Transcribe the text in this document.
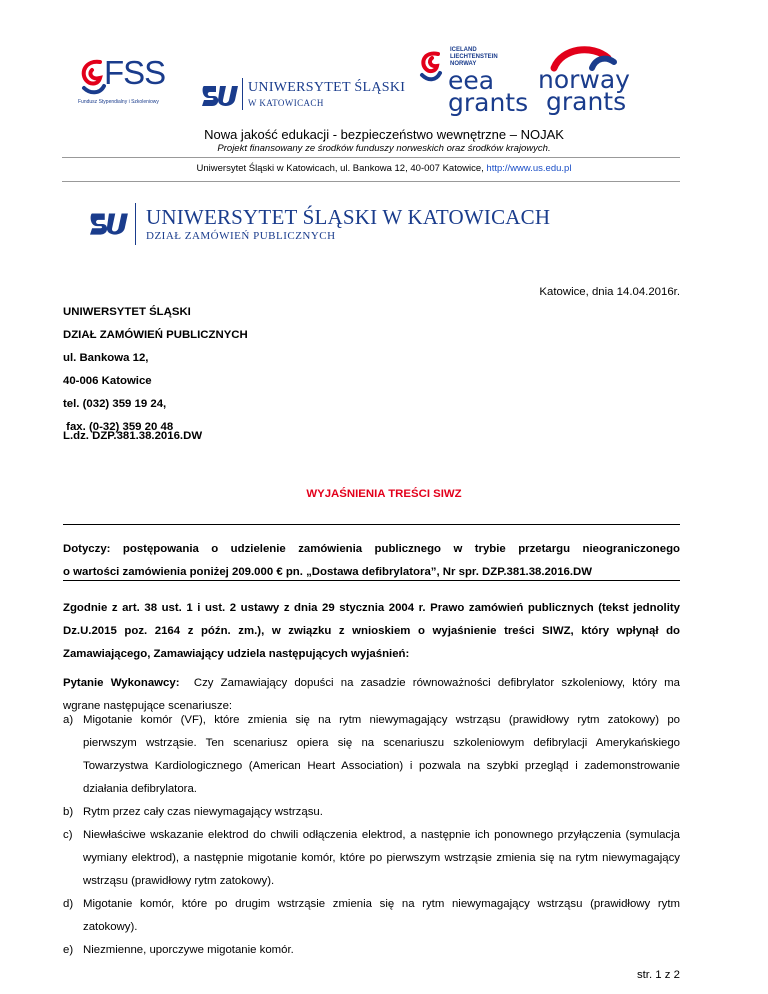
FSS
Fundusz Stypendialny i Szkoleniowy
UNIWERSYTET ŚLĄSKI
W KATOWICACH
ICELAND
LIECHTENSTEIN
NORWAY
eea
grants
norway
grants
Nowa jakość edukacji - bezpieczeństwo wewnętrzne – NOJAK
Projekt finansowany ze środków funduszy norweskich oraz środków krajowych.
Uniwersytet Śląski w Katowicach, ul. Bankowa 12, 40-007 Katowice, http://www.us.edu.pl
UNIWERSYTET ŚLĄSKI W KATOWICACH
DZIAŁ ZAMÓWIEŃ PUBLICZNYCH
Katowice, dnia 14.04.2016r.
UNIWERSYTET ŚLĄSKI
DZIAŁ ZAMÓWIEŃ PUBLICZNYCH
ul. Bankowa 12,
40-006 Katowice
tel. (032) 359 19 24,
fax. (0-32) 359 20 48
L.dz. DZP.381.38.2016.DW
WYJAŚNIENIA TREŚCI SIWZ
Dotyczy: postępowania o udzielenie zamówienia publicznego w trybie przetargu nieograniczonego
o wartości zamówienia poniżej 209.000 € pn. „Dostawa defibrylatora”, Nr spr. DZP.381.38.2016.DW
Zgodnie z art. 38 ust. 1 i ust. 2 ustawy z dnia 29 stycznia 2004 r. Prawo zamówień publicznych (tekst jednolity
Dz.U.2015 poz. 2164 z późn. zm.), w związku z wnioskiem o wyjaśnienie treści SIWZ, który wpłynął do
Zamawiającego, Zamawiający udziela następujących wyjaśnień:
Pytanie Wykonawcy: Czy Zamawiający dopuści na zasadzie równoważności defibrylator szkoleniowy, który ma
wgrane następujące scenariusze:
a) Migotanie komór (VF), które zmienia się na rytm niewymagający wstrząsu (prawidłowy rytm zatokowy) po
pierwszym wstrząsie. Ten scenariusz opiera się na scenariuszu szkoleniowym defibrylacji Amerykańskiego
Towarzystwa Kardiologicznego (American Heart Association) i pozwala na szybki przegląd i zademonstrowanie
działania defibrylatora.
b) Rytm przez cały czas niewymagający wstrząsu.
c) Niewłaściwe wskazanie elektrod do chwili odłączenia elektrod, a następnie ich ponownego przyłączenia (symulacja
wymiany elektrod), a następnie migotanie komór, które po pierwszym wstrząsie zmienia się na rytm niewymagający
wstrząsu (prawidłowy rytm zatokowy).
d) Migotanie komór, które po drugim wstrząsie zmienia się na rytm niewymagający wstrząsu (prawidłowy rytm
zatokowy).
e) Niezmienne, uporczywe migotanie komór.
str. 1 z 2
